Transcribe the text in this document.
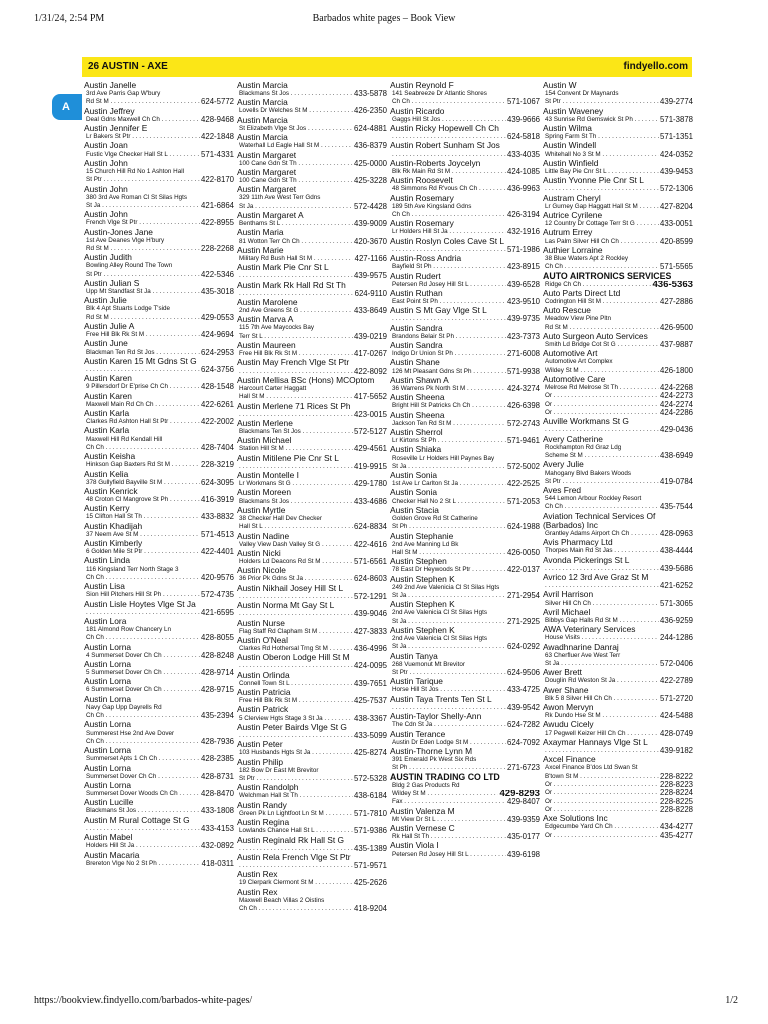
1/31/24, 2:54 PM	Barbados white pages – Book View
26 AUSTIN - AXE	findyello.com
A
Austin Janelle
3rd Ave Parris Gap W'bury
Rd St M . . .	624-5772
Austin Jeffrey
Deal Gdns Maxwell Ch Ch . . .	428-9468
Austin Jennifer E
Lr Bakers St Ptr . . .	422-1848
Austin Joan
Fustic Vlge Checker Hall St L . . .	571-4331
Austin John
15 Church Hill Rd No 1 Ashton Hall
St Ptr . . .	422-8170
Austin John
380 3rd Ave Roman Cl St Silas Hgts
St Ja . . .	421-6864
Austin John
French Vlge St Ptr . . .	422-8955
Austin-Jones Jane
1st Ave Deanes Vlge H'bury
Rd St M . . .	228-2268
Austin Judith
Bowling Alley Round The Town
St Ptr . . .	422-5346
Austin Julian S
Upp Mt Standfast St Ja . . .	435-3018
Austin Julie
Blk 4 Apt Stuarts Lodge T'side
Rd St M . . .	429-0553
Austin Julie A
Free Hill Blk Rk St M . . .	424-9694
Austin June
Blackman Ten Rd St Jos . . .	624-2953
Austin Karen 15 Mt Gdns St G
. . .
624-3756
Austin Karen
9 Pillersdorf Dr E'prise Ch Ch . . .	428-1548
Austin Karen
Maxwell Main Rd Ch Ch . . .	422-6261
Austin Karla
Clarkes Rd Ashton Hall St Ptr . . .	422-2002
Austin Karla
Maxwell Hill Rd Kendall Hill
Ch Ch . . .	428-7404
Austin Keisha
Hinkson Gap Baxters Rd St M . . .	228-3219
Austin Kelia
378 Gullyfield Bayville St M . . .	624-3095
Austin Kenrick
48 Croton Cl Mangrove St Ph . . .	416-3919
Austin Kerry
15 Clifton Hall St Th . . .	433-8832
Austin Khadijah
37 Neem Ave St M . . .	571-4513
Austin Kimberly
6 Golden Mile St Ptr . . .	422-4401
Austin Linda
116 Kingsland Terr North Stage 3
Ch Ch . . .	420-9576
Austin Lisa
Sion Hill Pitchers Hill St Ph . . .	572-4735
Austin Lisle Hoytes Vlge St Ja
. . .
421-6595
Austin Lora
181 Almond Row Chancery Ln
Ch Ch . . .	428-8055
Austin Lorna
4 Summerset Dover Ch Ch . . .	428-8248
Austin Lorna
5 Summerset Dover Ch Ch . . .	428-9714
Austin Lorna
6 Summerset Dover Ch Ch . . .	428-9715
Austin Lorna
Navy Gap Upp Dayrells Rd
Ch Ch . . .	435-2394
Austin Lorna
Summerest Hse 2nd Ave Dover
Ch Ch . . .	428-7936
Austin Lorna
Summerset Apts 1 Ch Ch . . .	428-2385
Austin Lorna
Summerset Dover Ch Ch . . .	428-8731
Austin Lorna
Summerset Dover Woods Ch Ch . . .	428-8470
Austin Lucille
Blackmans St Jos . . .	433-1808
Austin M Rural Cottage St G
. . .
433-4153
Austin Mabel
Holders Hill St Ja . . .	432-0892
Austin Macaria
Brereton Vlge No 2 St Ph . . .	418-0311
Austin Marcia
Blackmans St Jos . . .	433-5878
Austin Marcia
Lovells Dr Welches St M . . .	426-2350
Austin Marcia
St Elizabeth Vlge St Jos . . .	624-4881
Austin Marcia
Waterhall Ld Eagle Hall St M . . .	436-8379
Austin Margaret
100 Cane Gdn St Th . . .	425-0000
Austin Margaret
100 Cane Gdn St Th . . .	425-3228
Austin Margaret
329 11th Ave West Terr Gdns
St Ja . . .	572-4428
Austin Margaret A
Benthams St L . . .	439-9009
Austin Maria
81 Wotton Terr Ch Ch . . .	420-3670
Austin Marie
Military Rd Bush Hall St M . . .	427-1166
Austin Mark Pie Cnr St L
. . .
439-9575
Austin Mark Rk Hall Rd St Th
. . .
624-9110
Austin Marolene
2nd Ave Greens St G . . .	433-8649
Austin Marva A
115 7th Ave Maycocks Bay
Terr St L . . .	439-0219
Austin Maureen
Free Hill Blk Rk St M . . .	417-0267
Austin May French Vlge St Ptr
. . .
422-8092
Austin Mellisa BSc (Hons) MCOptom
Harcourt Carter Haggatt
Hall St M . . .	417-5652
Austin Merlene 71 Rices St Ph
. . .
423-0015
Austin Merlene
Blackmans Ten St Jos . . .	572-5127
Austin Michael
Station Hill St M . . .	429-4561
Austin Mitilene Pie Cnr St L
. . .
419-9915
Austin Montelle I
Lr Workmans St G . . .	429-1780
Austin Moreen
Blackmans St Jos . . .	433-4686
Austin Myrtle
38 Checker Hall Dev Checker
Hall St L . . .	624-8834
Austin Nadine
Valley View Dash Valley St G . . .	422-4616
Austin Nicki
Holders Ld Deacons Rd St M . . .	571-6561
Austin Nicole
36 Prior Pk Gdns St Ja . . .	624-8603
Austin Nikhail Josey Hill St L
. . .
572-1291
Austin Norma Mt Gay St L
. . .
439-9046
Austin Nurse
Flag Staff Rd Clapham St M . . .	427-3833
Austin O'Neal
Clarkes Rd Hothersal Trng St M . . .	436-4996
Austin Oberon Lodge Hill St M
. . .
424-0095
Austin Orlinda
Connell Town St L . . .	439-7651
Austin Patricia
Free Hill Blk Rk St M . . .	425-7537
Austin Patrick
5 Clerview Hgts Stage 3 St Ja . . .	438-3367
Austin Peter Bairds Vlge St G
. . .
433-5099
Austin Peter
103 Husbands Hgts St Ja . . .	425-8274
Austin Philip
182 Bow Dr East Mt Brevitor
St Ptr . . .	572-5328
Austin Randolph
Welchman Hall St Th . . .	438-6184
Austin Randy
Green Pk Ln Lightfoot Ln St M . . .	571-7810
Austin Regina
Lowlands Chance Hall St L . . .	571-9386
Austin Reginald Rk Hall St G
. . .
435-1389
Austin Rela French Vlge St Ptr
. . .
571-9571
Austin Rex
19 Clerpark Clermont St M . . .	425-2626
Austin Rex
Maxwell Beach Villas 2 Oistins
Ch Ch . . .	418-9204
Austin Reynold F
141 Seabreeze Dr Atlantic Shores
Ch Ch . . .	571-1067
Austin Ricardo
Gaggs Hill St Jos . . .	439-9666
Austin Ricky Hopewell Ch Ch
. . .
624-5818
Austin Robert Sunham St Jos
. . .
433-4035
Austin-Roberts Joycelyn
Blk Rk Main Rd St M . . .	424-1085
Austin Roosevelt
48 Simmons Rd R'vous Ch Ch . . .	436-9963
Austin Rosemary
189 5th Ave Kingsland Gdns
Ch Ch . . .	426-3194
Austin Rosemary
Lr Holders Hill St Ja . . .	432-1916
Austin Roslyn Coles Cave St L
. . .
571-1986
Austin-Ross Andria
Bayfield St Ph . . .	423-8915
Austin Rudert
Petersen Rd Josey Hill St L . . .	439-6528
Austin Ruthan
East Point St Ph . . .	423-9510
Austin S Mt Gay Vlge St L
. . .
439-9735
Austin Sandra
Brandons Belair St Ph . . .	423-7373
Austin Sandra
Indigo Dr Union St Ph . . .	271-6008
Austin Shane
126 Mt Pleasant Gdns St Ph . . .	571-9938
Austin Shawn A
36 Warrens Pk North St M . . .	424-3274
Austin Sheena
Bright Hill St Patricks Ch Ch . . .	426-6398
Austin Sheena
Jackson Ten Rd St M . . .	572-2743
Austin Sherrol
Lr Kirtons St Ph . . .	571-9461
Austin Shiaka
Roseville Lr Holders Hill Paynes Bay
St Ja . . .	572-5002
Austin Sonia
1st Ave Lr Carlton St Ja . . .	422-2525
Austin Sonia
Checker Hall No 2 St L . . .	571-2053
Austin Stacia
Golden Grove Rd St Catherine
St Ph . . .	624-1988
Austin Stephanie
2nd Ave Manning Ld Bk
Hall St M . . .	426-0050
Austin Stephen
78 East Dr Heywoods St Ptr . . .	422-0137
Austin Stephen K
249 2nd Ave Valenicia Cl St Silas Hgts
St Ja . . .	271-2954
Austin Stephen K
2nd Ave Valenicia Cl St Silas Hgts
St Ja . . .	271-2925
Austin Stephen K
2nd Ave Valenicia Cl St Silas Hgts
St Ja . . .	624-0292
Austin Tanya
268 Vuemonut Mt Brevitor
St Ptr . . .	624-9506
Austin Tarique
Horse Hill St Jos . . .	433-4725
Austin Taya Trents Ten St L
. . .
439-9542
Austin-Taylor Shelly-Ann
The Cdn St Ja . . .	624-7282
Austin Terance
Austin Dr Eden Lodge St M . . .	624-7092
Austin-Thorne Lynn M
391 Emerald Pk West Six Rds
St Ph . . .	271-6723
AUSTIN TRADING CO LTD
Bldg 2 Gas Products Rd
Wildey St M . . .	429-8293
Fax . . .	429-8407
Austin Valenza M
Mt View Dr St L . . .	439-9359
Austin Vernese C
Rk Hall St Th . . .	435-0177
Austin Viola I
Petersen Rd Josey Hill St L . . .	439-6198
Austin W
154 Convent Dr Maynards
St Ptr . . .	439-2774
Austin Waveney
43 Sunrise Rd Gemswick St Ph . . .	571-3878
Austin Wilma
Spring Farm St Th . . .	571-1351
Austin Windell
Whitehall No 3 St M . . .	424-0352
Austin Winfield
Little Bay Pie Cnr St L . . .	439-9453
Austin Yvonne Pie Cnr St L
. . .
572-1306
Austram Cheryl
Lr Gurney Gap Haggatt Hall St M . . .	427-8204
Autrice Cyrilene
12 Country Dr Cottage Terr St G . . .	433-0051
Autrum Errey
Las Palm Silver Hill Ch Ch . . .	420-8599
Authier Lorraine
38 Blue Waters Apt 2 Rockley
Ch Ch . . .	571-5565
AUTO AIRTRONICS SERVICES
Ridge Ch Ch . . .	436-5363
Auto Parts Direct Ltd
Codrington Hill St M . . .	427-2886
Auto Rescue
Meadow View Pine Pltn
Rd St M . . .	426-9500
Auto Surgeon Auto Services
Smith Ld Bridge Cot St G . . .	437-9887
Automotive Art
Automotive Art Complex
Wildey St M . . .	426-1800
Automotive Care
Melrose Rd Melrose St Th . . .	424-2268
Or . . .	424-2273
Or . . .	424-2274
Or . . .	424-2286
Auville Workmans St G
. . .
429-0436
Avery Catherine
Rockhampton Rd Graz Ldg
Scheme St M . . .	438-6949
Avery Julie
Mahogany Blvd Bakers Woods
St Ptr . . .	419-0784
Aves Fred
544 Lemon Arbour Rockley Resort
Ch Ch . . .	435-7544
Aviation Technical Services Of
(Barbados) Inc
Grantley Adams Airport Ch Ch . . .	428-0963
Avis Pharmacy Ltd
Thorpes Main Rd St Jas . . .	438-4444
Avonda Pickerings St L
. . .
439-5686
Avrico 12 3rd Ave Graz St M
. . .
421-6252
Avril Harrison
Silver Hill Ch Ch . . .	571-3065
Avril Michael
Bibbys Gap Halls Rd St M . . .	436-9259
AWA Veterinary Services
House Visits . . .	244-1286
Awadhnarine Danraj
63 Cherfluer Ave West Terr
St Ja . . .	572-0406
Awer Brett
Douglin Rd Weston St Ja . . .	422-2789
Awer Shane
Blk 5 8 Silver Hill Ch Ch . . .	571-2720
Awon Mervyn
Rk Dundo Hse St M . . .	424-5488
Awudu Cicely
17 Pegwell Keizer Hill Ch Ch . . .	428-0749
Axaymar Hannays Vlge St L
. . .
439-9182
Axcel Finance
Axcel Finance B'dos Ltd Swan St
B'town St M . . .	228-8222
Or . . .	228-8223
Or . . .	228-8224
Or . . .	228-8225
Or . . .	228-8228
Axe Solutions Inc
Edgecumbe Yard Ch Ch . . .	434-4277
Or . . .	435-4277
https://bookview.findyello.com/barbados-white-pages/	1/2
